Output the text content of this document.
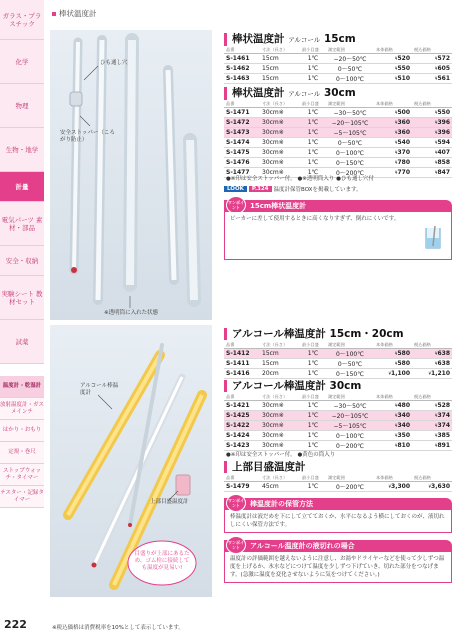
ガラス・プラスチック
化学
物理
生物・地学
計量
電気パーツ 素材・部品
安全・収納
実験シート 教材セット
試薬
温度計・乾湿計
放射温度計・ガスメインチ
はかり・おもり
定規・巻尺
ストップウォッチ・タイマー
テスター・記録タイマー
棒状温度計
ひも通し穴
安全ストッパー（ころがり防止）
※透明筒に入れた状態
アルコール棒温度計
上部目盛温度計
目盛りが上部にあるため、ゴム栓に接続しても温度が見易い!
棒状温度計 アルコール 15cm
品番	寸法（長さ）	最小目盛	測定範囲	本体価格	税込価格
S-1461	15cm	1℃	−20〜50℃	¥520	¥572
S-1462	15cm	1℃	0〜50℃	¥550	¥605
S-1463	15cm	1℃	0〜100℃	¥510	¥561
棒状温度計 アルコール 30cm
品番	寸法（長さ）	最小目盛	測定範囲	本体価格	税込価格
S-1471	30cm※	1℃	−30〜50℃	¥500	¥550
S-1472	30cm※	1℃	−20〜105℃	¥360	¥396
S-1473	30cm※	1℃	−5〜105℃	¥360	¥396
S-1474	30cm※	1℃	0〜50℃	¥540	¥594
S-1475	30cm※	1℃	0〜100℃	¥370	¥407
S-1476	30cm※	1℃	0〜150℃	¥780	¥858
S-1477	30cm※	1℃	0〜200℃	¥770	¥847
●※印は安全ストッパー付。 ●※透明筒入り ●ひも通し穴付
LOOK	P.324 温度計保管BOXを掲載しています。
ワンポイント	15cm棒状温度計
ビーカーに差して使用するときに高くなりすぎず、倒れにくいです。
アルコール棒温度計 15cm・20cm
品番	寸法（長さ）	最小目盛	測定範囲	本体価格	税込価格
S-1412	15cm	1℃	0〜100℃	¥580	¥638
S-1411	15cm	1℃	0〜50℃	¥580	¥638
S-1416	20cm	1℃	0〜150℃	¥1,100	¥1,210
アルコール棒温度計 30cm
品番	寸法（長さ）	最小目盛	測定範囲	本体価格	税込価格
S-1421	30cm※	1℃	−30〜50℃	¥480	¥528
S-1425	30cm※	1℃	−20〜105℃	¥340	¥374
S-1422	30cm※	1℃	−5〜105℃	¥340	¥374
S-1424	30cm※	1℃	0〜100℃	¥350	¥385
S-1423	30cm※	1℃	0〜200℃	¥810	¥891
●※印は安全ストッパー付。 ●黄色の筒入り
上部目盛温度計
品番	寸法（長さ）	最小目盛	測定範囲	本体価格	税込価格
S-1479	45cm	1℃	0〜200℃	¥3,300	¥3,630
ワンポイント	棒温度計の保管方法
棒温度計は液だめを下にして立てておくか、水平になるよう横にしておくのが、液切れしにくい保管方法です。
ワンポイント	アルコール温度計の液切れの場合
温度計の評価範囲を越えないように注意し、お湯やドライヤーなどを使って少しずつ温度を上げるか、氷水などにつけて温度を少しずつ下げていき、切れた部分をつなげます。(急激に温度を変化させないように気をつけてください。)
222	※税込価格は消費税率を10%として表示しています。
